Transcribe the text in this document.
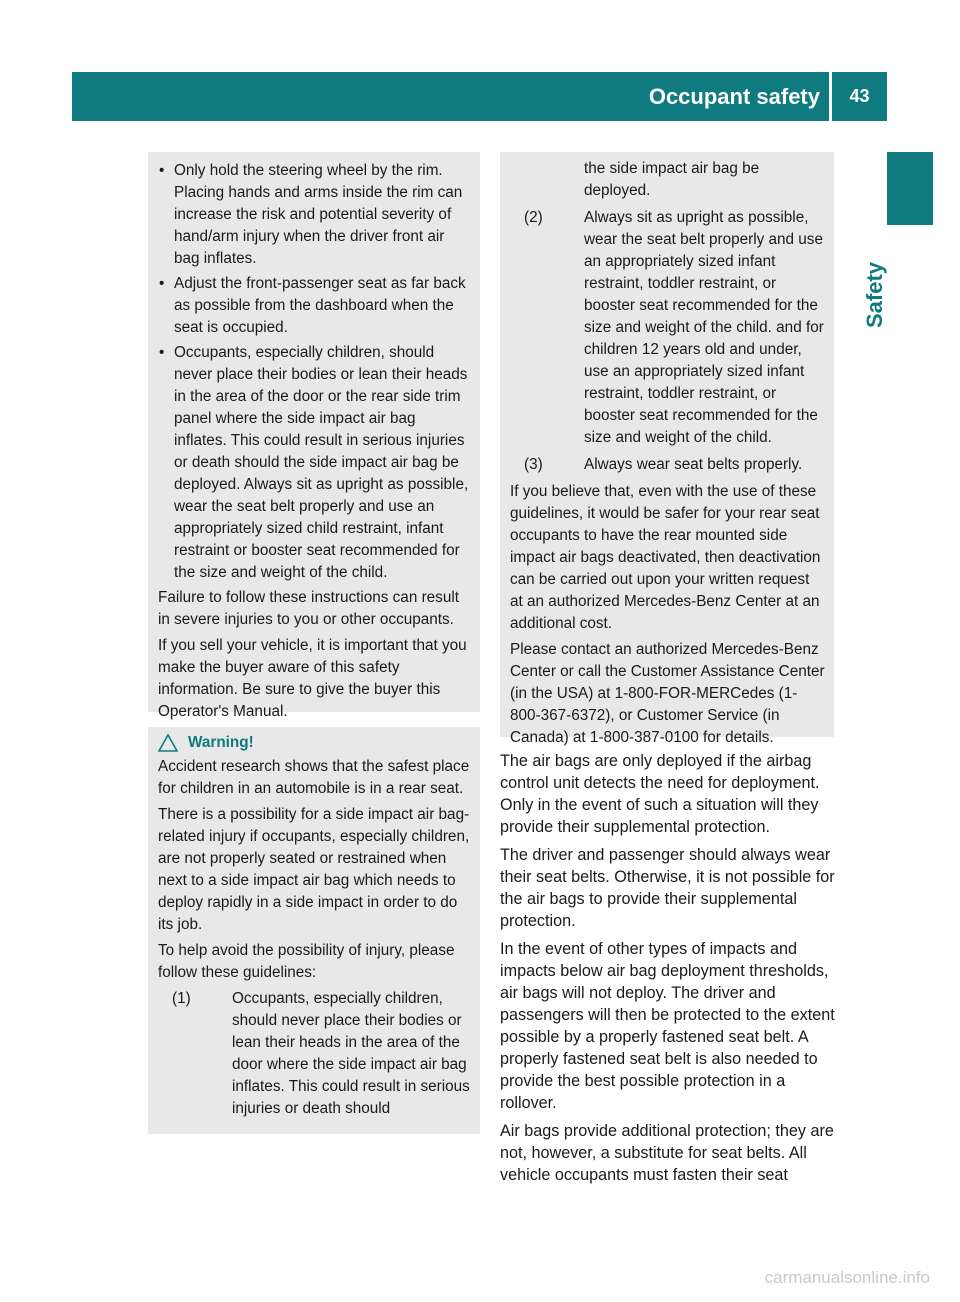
Occupant safety	43
Safety
• Only hold the steering wheel by the rim. Placing hands and arms inside the rim can increase the risk and potential severity of hand/arm injury when the driver front air bag inflates.
• Adjust the front-passenger seat as far back as possible from the dashboard when the seat is occupied.
• Occupants, especially children, should never place their bodies or lean their heads in the area of the door or the rear side trim panel where the side impact air bag inflates. This could result in serious injuries or death should the side impact air bag be deployed. Always sit as upright as possible, wear the seat belt properly and use an appropriately sized child restraint, infant restraint or booster seat recommended for the size and weight of the child.

Failure to follow these instructions can result in severe injuries to you or other occupants.

If you sell your vehicle, it is important that you make the buyer aware of this safety information. Be sure to give the buyer this Operator's Manual.

Warning!

Accident research shows that the safest place for children in an automobile is in a rear seat.

There is a possibility for a side impact air bag-related injury if occupants, especially children, are not properly seated or restrained when next to a side impact air bag which needs to deploy rapidly in a side impact in order to do its job.

To help avoid the possibility of injury, please follow these guidelines:

(1)	Occupants, especially children, should never place their bodies or lean their heads in the area of the door where the side impact air bag inflates. This could result in serious injuries or death should
the side impact air bag be deployed.
(2)	Always sit as upright as possible, wear the seat belt properly and use an appropriately sized infant restraint, toddler restraint, or booster seat recommended for the size and weight of the child. and for children 12 years old and under, use an appropriately sized infant restraint, toddler restraint, or booster seat recommended for the size and weight of the child.
(3)	Always wear seat belts properly.

If you believe that, even with the use of these guidelines, it would be safer for your rear seat occupants to have the rear mounted side impact air bags deactivated, then deactivation can be carried out upon your written request at an authorized Mercedes-Benz Center at an additional cost.

Please contact an authorized Mercedes-Benz Center or call the Customer Assistance Center (in the USA) at 1-800-FOR-MERCedes (1-800-367-6372), or Customer Service (in Canada) at 1-800-387-0100 for details.

The air bags are only deployed if the airbag control unit detects the need for deployment. Only in the event of such a situation will they provide their supplemental protection.

The driver and passenger should always wear their seat belts. Otherwise, it is not possible for the air bags to provide their supplemental protection.

In the event of other types of impacts and impacts below air bag deployment thresholds, air bags will not deploy. The driver and passengers will then be protected to the extent possible by a properly fastened seat belt. A properly fastened seat belt is also needed to provide the best possible protection in a rollover.

Air bags provide additional protection; they are not, however, a substitute for seat belts. All vehicle occupants must fasten their seat

carmanualsonline.info
